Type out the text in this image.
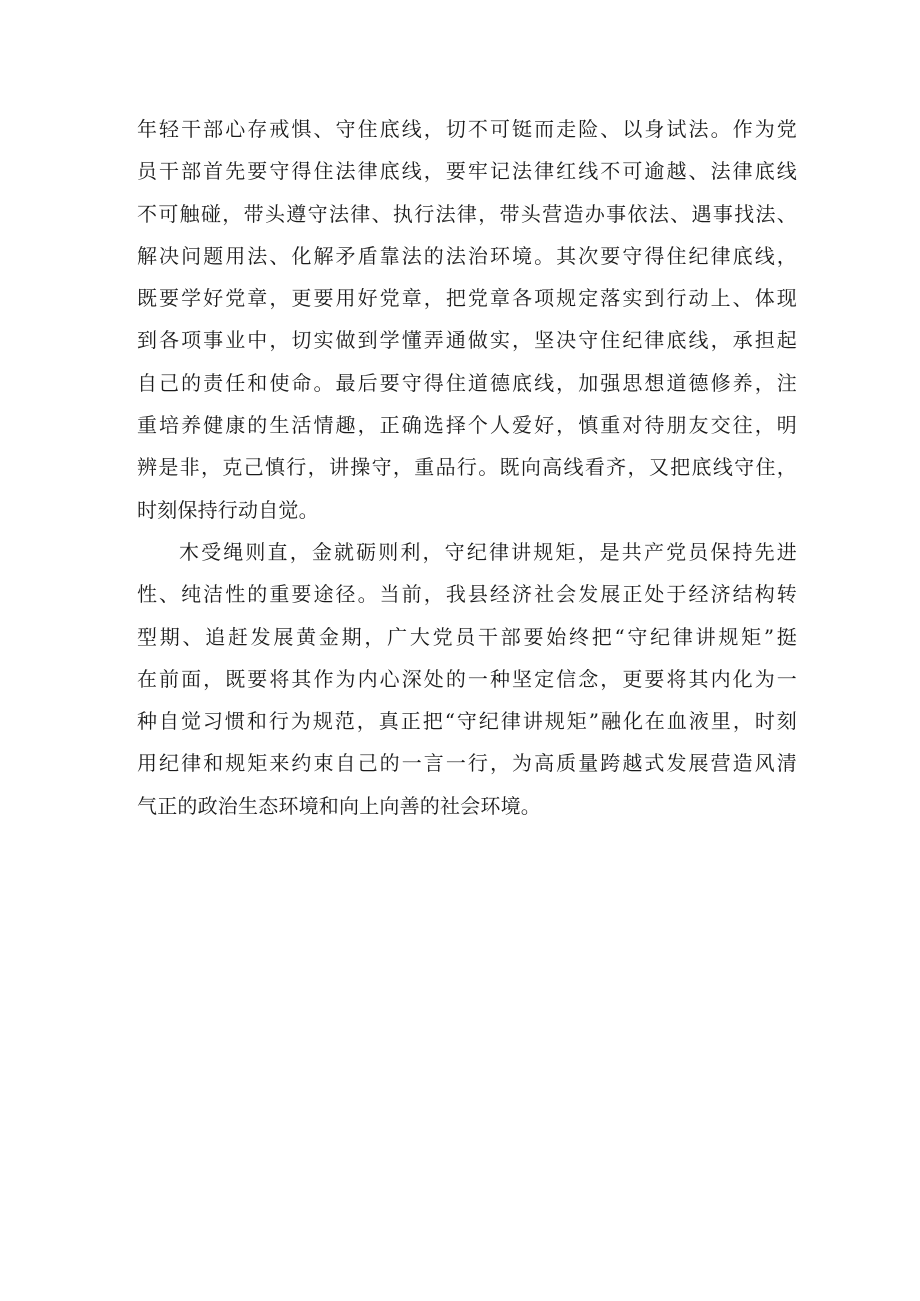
年轻干部心存戒惧、守住底线，切不可铤而走险、以身试法。作为党
员干部首先要守得住法律底线，要牢记法律红线不可逾越、法律底线
不可触碰，带头遵守法律、执行法律，带头营造办事依法、遇事找法、
解决问题用法、化解矛盾靠法的法治环境。其次要守得住纪律底线，
既要学好党章，更要用好党章，把党章各项规定落实到行动上、体现
到各项事业中，切实做到学懂弄通做实，坚决守住纪律底线，承担起
自己的责任和使命。最后要守得住道德底线，加强思想道德修养，注
重培养健康的生活情趣，正确选择个人爱好，慎重对待朋友交往，明
辨是非，克己慎行，讲操守，重品行。既向高线看齐，又把底线守住，
时刻保持行动自觉。
木受绳则直，金就砺则利，守纪律讲规矩，是共产党员保持先进
性、纯洁性的重要途径。当前，我县经济社会发展正处于经济结构转
型期、追赶发展黄金期，广大党员干部要始终把“守纪律讲规矩”挺
在前面，既要将其作为内心深处的一种坚定信念，更要将其内化为一
种自觉习惯和行为规范，真正把“守纪律讲规矩”融化在血液里，时刻
用纪律和规矩来约束自己的一言一行，为高质量跨越式发展营造风清
气正的政治生态环境和向上向善的社会环境。
